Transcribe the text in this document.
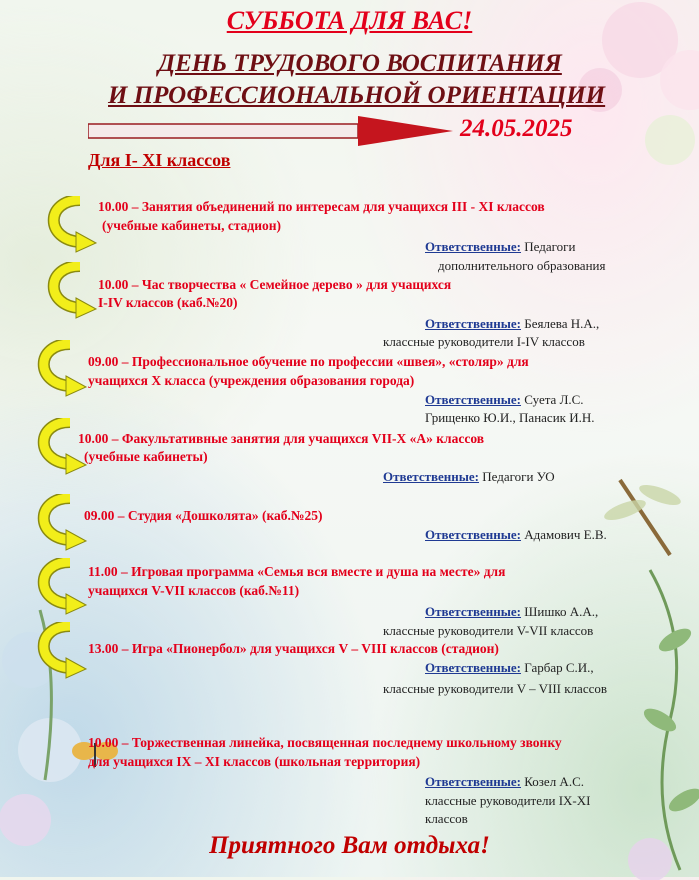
СУББОТА ДЛЯ ВАС!
ДЕНЬ ТРУДОВОГО ВОСПИТАНИЯ
И ПРОФЕССИОНАЛЬНОЙ ОРИЕНТАЦИИ
24.05.2025
Для I- XI классов
10.00 – Занятия объединений по интересам для учащихся III - XI классов
(учебные кабинеты, стадион)
Ответственные: Педагоги
дополнительного образования
10.00 – Час творчества « Семейное дерево » для учащихся
I-IV классов (каб.№20)
Ответственные: Беялева Н.А.,
классные руководители I-IV классов
09.00 – Профессиональное обучение по профессии «швея», «столяр» для
учащихся X класса (учреждения образования города)
Ответственные: Суета Л.С.
Грищенко Ю.И., Панасик И.Н.
10.00 – Факультативные занятия для учащихся VII-X «А» классов
(учебные кабинеты)
Ответственные: Педагоги УО
09.00 – Студия «Дошколята» (каб.№25)
Ответственные: Адамович Е.В.
11.00 – Игровая программа «Семья вся вместе и душа на месте» для
учащихся V-VII классов (каб.№11)
Ответственные: Шишко А.А.,
классные руководители V-VII классов
13.00 – Игра «Пионербол» для учащихся V – VIII классов (стадион)
Ответственные: Гарбар С.И.,
классные руководители V – VIII классов
10.00 – Торжественная линейка, посвященная последнему школьному звонку
для учащихся IX – XI классов (школьная территория)
Ответственные: Козел А.С.
классные руководители IX-XI
классов
Приятного Вам отдыха!
